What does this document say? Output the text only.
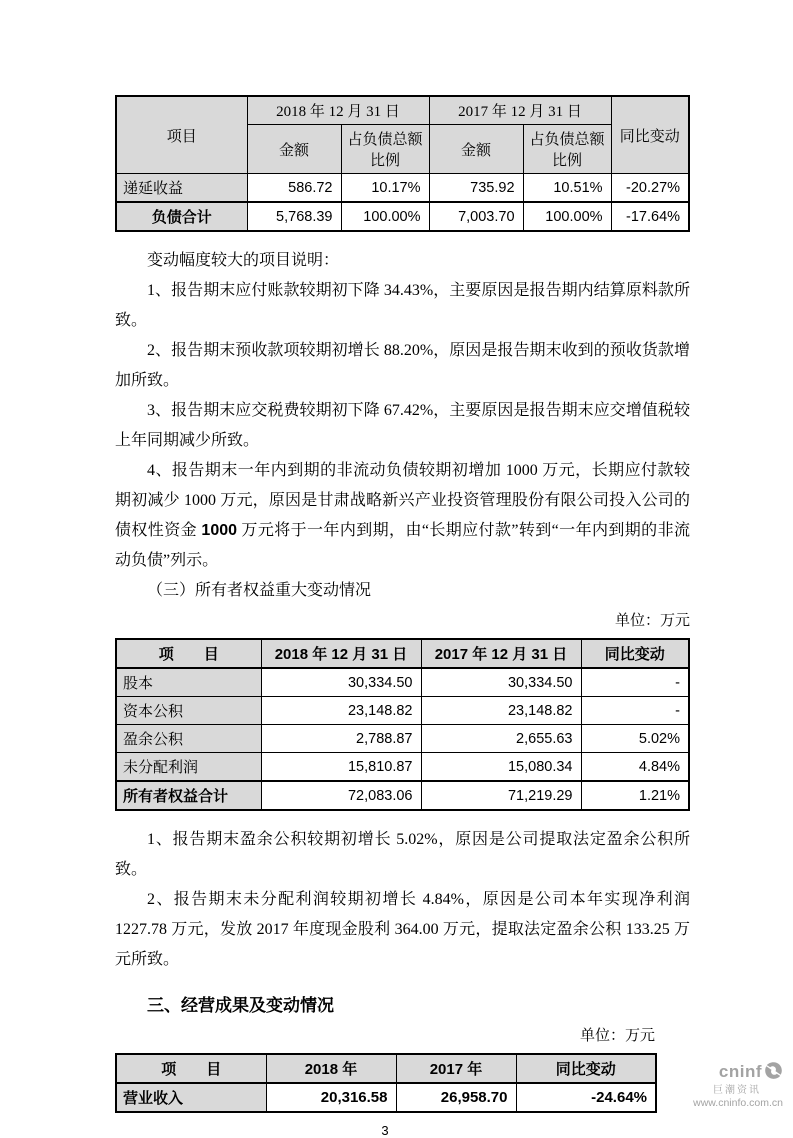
项目	2018 年 12 月 31 日		2017 年 12 月 31 日		同比变动
	金额	占负债总额比例	金额	占负债总额比例	
递延收益	586.72	10.17%	735.92	10.51%	-20.27%
负债合计	5,768.39	100.00%	7,003.70	100.00%	-17.64%
变动幅度较大的项目说明：
1、报告期末应付账款较期初下降 34.43%，主要原因是报告期内结算原料款所致。
2、报告期末预收款项较期初增长 88.20%，原因是报告期末收到的预收货款增加所致。
3、报告期末应交税费较期初下降 67.42%，主要原因是报告期末应交增值税较上年同期减少所致。
4、报告期末一年内到期的非流动负债较期初增加 1000 万元，长期应付款较期初减少 1000 万元，原因是甘肃战略新兴产业投资管理股份有限公司投入公司的债权性资金 1000 万元将于一年内到期，由“长期应付款”转到“一年内到期的非流动负债”列示。
（三）所有者权益重大变动情况
单位：万元
项　　目	2018 年 12 月 31 日	2017 年 12 月 31 日	同比变动
股本	30,334.50	30,334.50	-
资本公积	23,148.82	23,148.82	-
盈余公积	2,788.87	2,655.63	5.02%
未分配利润	15,810.87	15,080.34	4.84%
所有者权益合计	72,083.06	71,219.29	1.21%
1、报告期末盈余公积较期初增长 5.02%，原因是公司提取法定盈余公积所致。
2、报告期末未分配利润较期初增长 4.84%，原因是公司本年实现净利润 1227.78 万元，发放 2017 年度现金股利 364.00 万元，提取法定盈余公积 133.25 万元所致。
三、经营成果及变动情况
单位：万元
项　　目	2018 年	2017 年	同比变动
营业收入	20,316.58	26,958.70	-24.64%
3
cninf
巨潮资讯
www.cninfo.com.cn
